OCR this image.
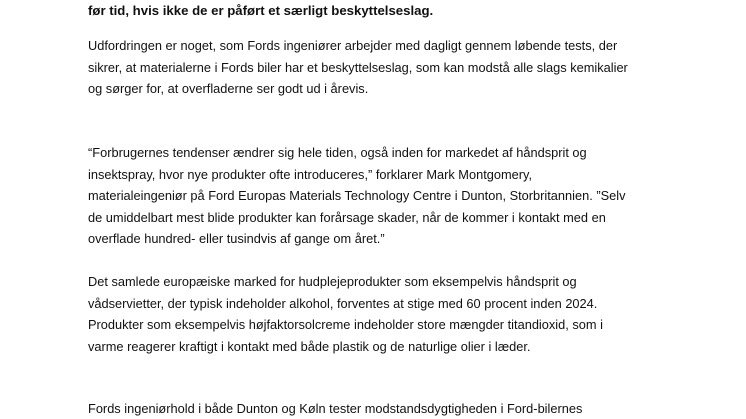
før tid, hvis ikke de er påført et særligt beskyttelseslag.

Udfordringen er noget, som Fords ingeniører arbejder med dagligt gennem løbende tests, der
sikrer, at materialerne i Fords biler har et beskyttelseslag, som kan modstå alle slags kemikalier
og sørger for, at overfladerne ser godt ud i årevis.

“Forbrugernes tendenser ændrer sig hele tiden, også inden for markedet af håndsprit og
insektspray, hvor nye produkter ofte introduceres,” forklarer Mark Montgomery,
materialeingeniør på Ford Europas Materials Technology Centre i Dunton, Storbritannien. ”Selv
de umiddelbart mest blide produkter kan forårsage skader, når de kommer i kontakt med en
overflade hundred- eller tusindvis af gange om året.”

Det samlede europæiske marked for hudplejeprodukter som eksempelvis håndsprit og
vådservietter, der typisk indeholder alkohol, forventes at stige med 60 procent inden 2024.
Produkter som eksempelvis højfaktorsolcreme indeholder store mængder titandioxid, som i
varme reagerer kraftigt i kontakt med både plastik og de naturlige olier i læder.

Fords ingeniørhold i både Dunton og Køln tester modstandsdygtigheden i Ford-bilernes
